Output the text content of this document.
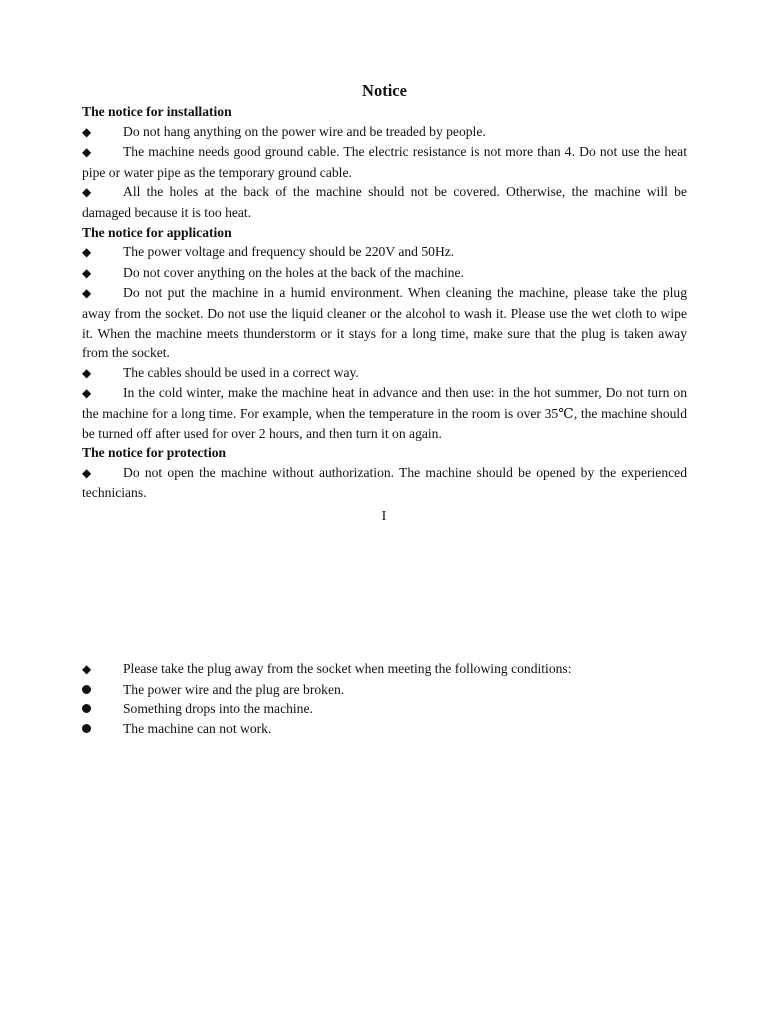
Notice
The notice for installation

◆ Do not hang anything on the power wire and be treaded by people.

◆ The machine needs good ground cable. The electric resistance is not more than 4. Do not use the heat pipe or water pipe as the temporary ground cable.

◆ All the holes at the back of the machine should not be covered. Otherwise, the machine will be damaged because it is too heat.

The notice for application

◆ The power voltage and frequency should be 220V and 50Hz.

◆ Do not cover anything on the holes at the back of the machine.

◆ Do not put the machine in a humid environment. When cleaning the machine, please take the plug away from the socket. Do not use the liquid cleaner or the alcohol to wash it. Please use the wet cloth to wipe it. When the machine meets thunderstorm or it stays for a long time, make sure that the plug is taken away from the socket.

◆ The cables should be used in a correct way.

◆ In the cold winter, make the machine heat in advance and then use: in the hot summer, Do not turn on the machine for a long time. For example, when the temperature in the room is over 35℃, the machine should be turned off after used for over 2 hours, and then turn it on again.

The notice for protection

◆ Do not open the machine without authorization. The machine should be opened by the experienced technicians.

I

◆ Please take the plug away from the socket when meeting the following conditions:

The power wire and the plug are broken.

Something drops into the machine.

The machine can not work.
